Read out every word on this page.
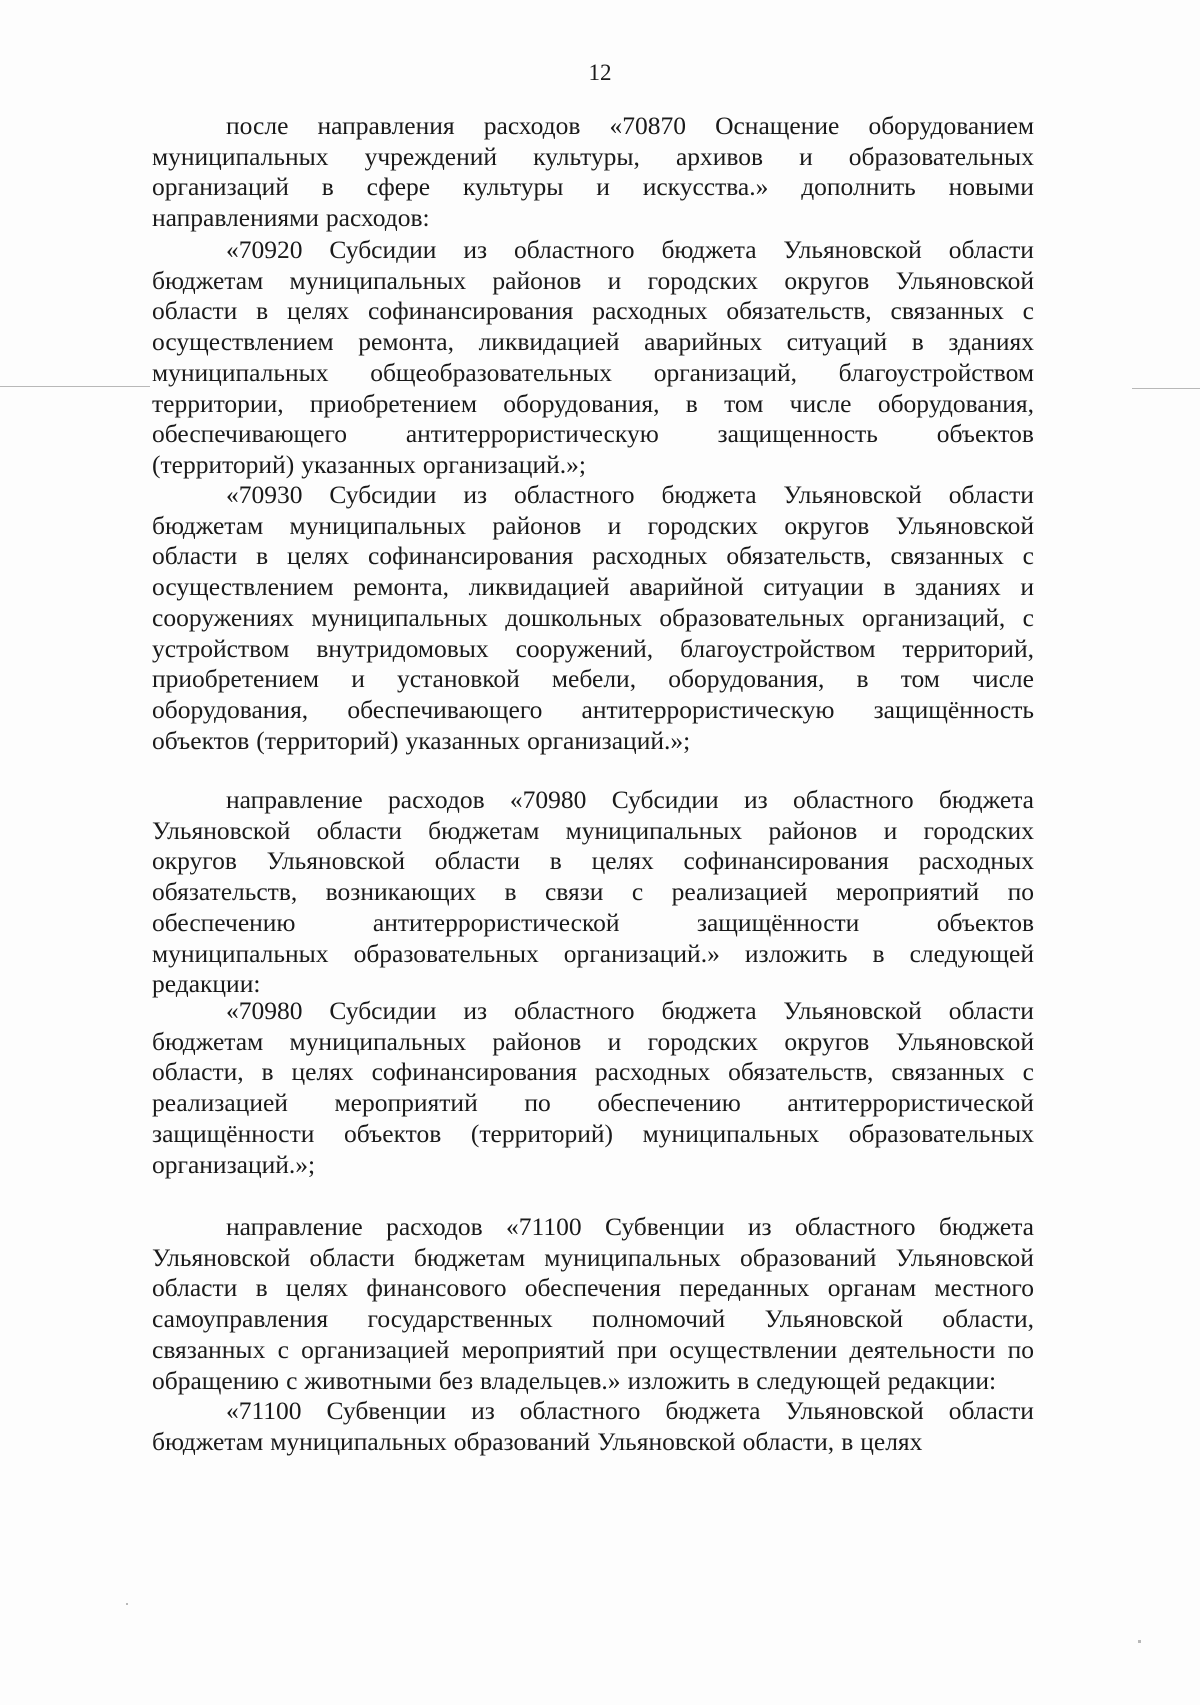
12
после направления расходов «70870 Оснащение оборудованием
муниципальных учреждений культуры, архивов и образовательных
организаций в сфере культуры и искусства.» дополнить новыми
направлениями расходов:
«70920 Субсидии из областного бюджета Ульяновской области
бюджетам муниципальных районов и городских округов Ульяновской
области в целях софинансирования расходных обязательств, связанных с
осуществлением ремонта, ликвидацией аварийных ситуаций в зданиях
муниципальных общеобразовательных организаций, благоустройством
территории, приобретением оборудования, в том числе оборудования,
обеспечивающего антитеррористическую защищенность объектов
(территорий) указанных организаций.»;
«70930 Субсидии из областного бюджета Ульяновской области
бюджетам муниципальных районов и городских округов Ульяновской
области в целях софинансирования расходных обязательств, связанных с
осуществлением ремонта, ликвидацией аварийной ситуации в зданиях и
сооружениях муниципальных дошкольных образовательных организаций, с
устройством внутридомовых сооружений, благоустройством территорий,
приобретением и установкой мебели, оборудования, в том числе
оборудования, обеспечивающего антитеррористическую защищённость
объектов (территорий) указанных организаций.»;
направление расходов «70980 Субсидии из областного бюджета
Ульяновской области бюджетам муниципальных районов и городских
округов Ульяновской области в целях софинансирования расходных
обязательств, возникающих в связи с реализацией мероприятий по
обеспечению	антитеррористической	защищённости	объектов
муниципальных образовательных организаций.» изложить в следующей
редакции:
«70980 Субсидии из областного бюджета Ульяновской области
бюджетам муниципальных районов и городских округов Ульяновской
области, в целях софинансирования расходных обязательств, связанных с
реализацией мероприятий по обеспечению антитеррористической
защищённости объектов (территорий) муниципальных образовательных
организаций.»;
направление расходов «71100 Субвенции из областного бюджета
Ульяновской области бюджетам муниципальных образований Ульяновской
области в целях финансового обеспечения переданных органам местного
самоуправления государственных полномочий Ульяновской области,
связанных с организацией мероприятий при осуществлении деятельности по
обращению с животными без владельцев.» изложить в следующей редакции:
«71100 Субвенции из областного бюджета Ульяновской области
бюджетам муниципальных образований Ульяновской области, в целях
